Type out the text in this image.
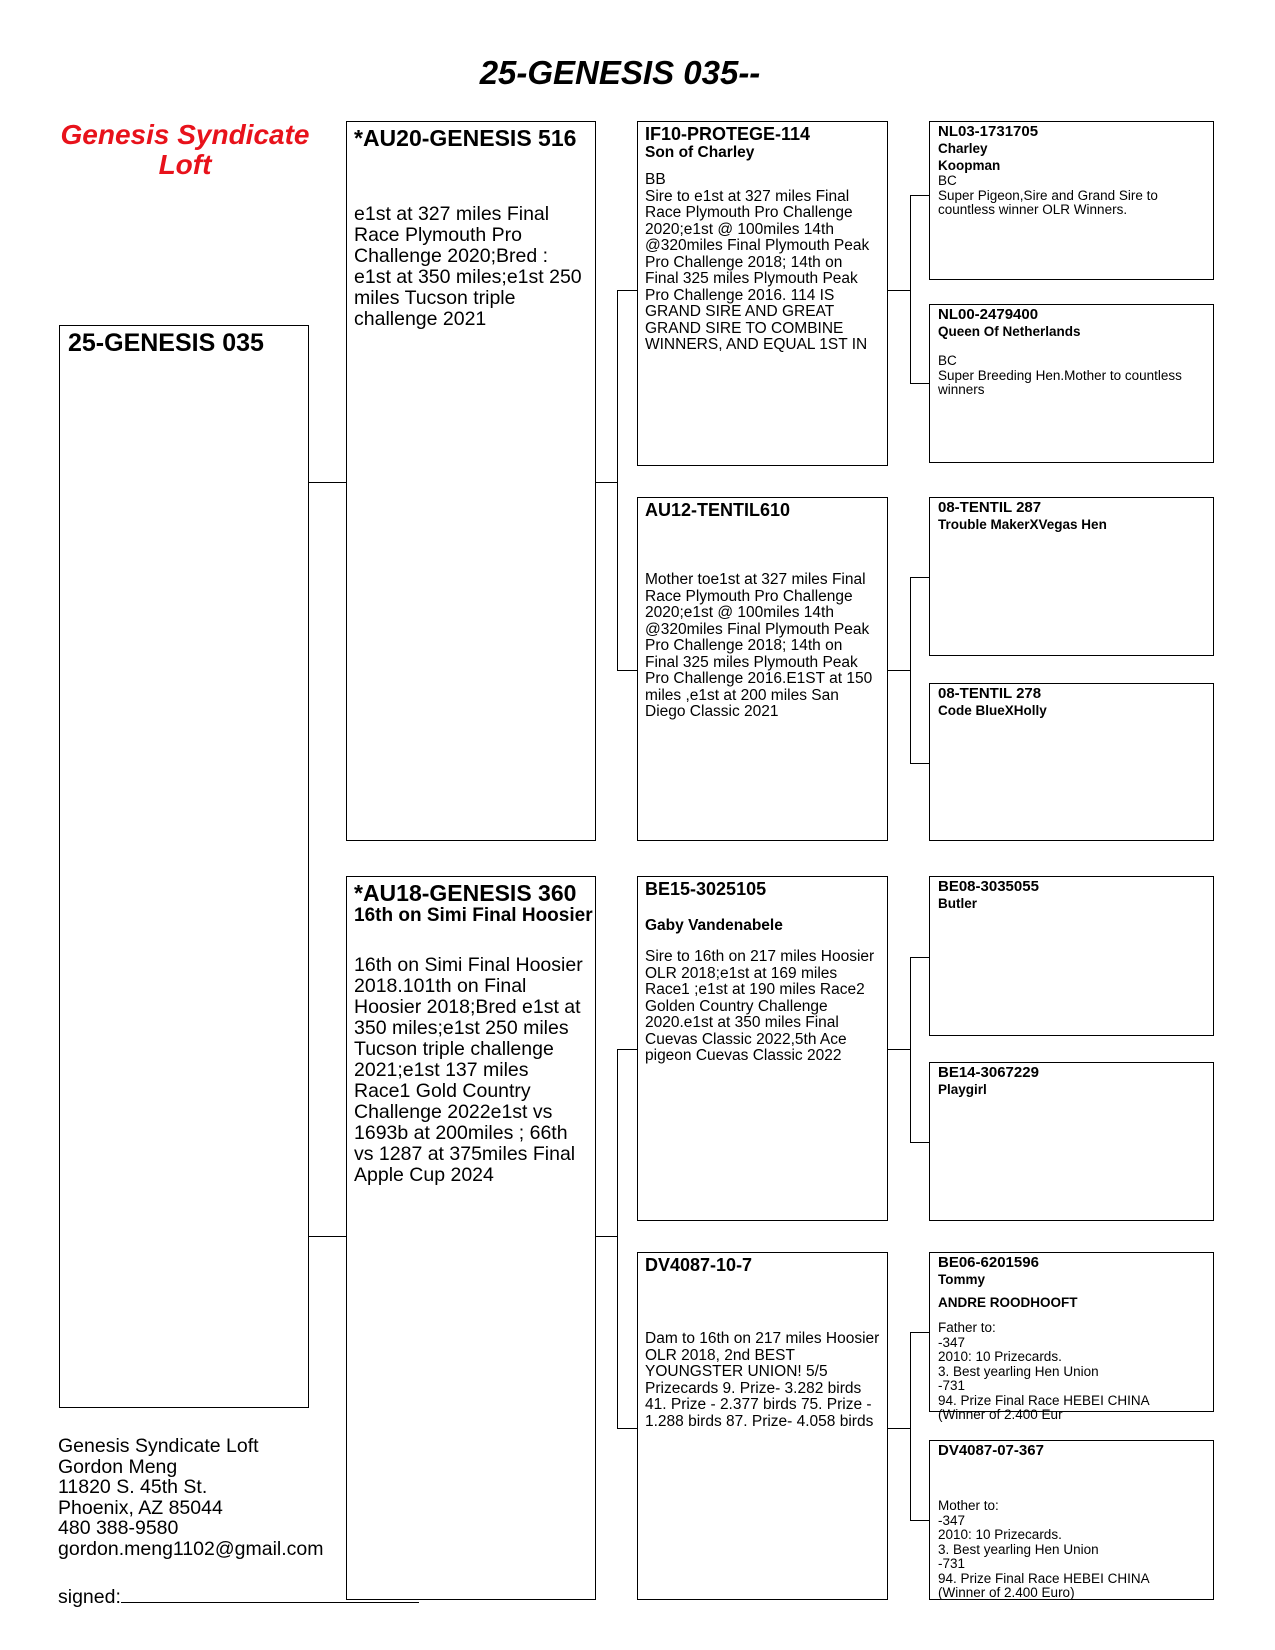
25-GENESIS 035--
Genesis Syndicate Loft
25-GENESIS 035
*AU20-GENESIS 516
e1st at 327 miles Final Race Plymouth Pro Challenge 2020;Bred : e1st at 350 miles;e1st 250 miles Tucson triple challenge 2021
*AU18-GENESIS 360
16th on Simi Final Hoosier
16th on Simi Final Hoosier 2018.101th on Final Hoosier 2018;Bred e1st at 350 miles;e1st 250 miles Tucson triple challenge 2021;e1st 137 miles Race1 Gold Country Challenge 2022e1st vs 1693b at 200miles ; 66th vs 1287 at 375miles Final Apple Cup 2024
IF10-PROTEGE-114
Son of Charley
BB
Sire to e1st at 327 miles Final Race Plymouth Pro Challenge 2020;e1st @ 100miles 14th @320miles Final Plymouth Peak Pro Challenge 2018; 14th on Final 325 miles Plymouth Peak Pro Challenge 2016. 114 IS GRAND SIRE AND GREAT GRAND SIRE TO COMBINE WINNERS, AND EQUAL 1ST IN
AU12-TENTIL610
Mother toe1st at 327 miles Final Race Plymouth Pro Challenge 2020;e1st @ 100miles 14th @320miles Final Plymouth Peak Pro Challenge 2018; 14th on Final 325 miles Plymouth Peak Pro Challenge 2016.E1ST at 150 miles ,e1st at 200 miles San Diego Classic 2021
BE15-3025105
Gaby Vandenabele
Sire to 16th on 217 miles Hoosier OLR 2018;e1st at 169 miles Race1 ;e1st at 190 miles Race2 Golden Country Challenge 2020.e1st at 350 miles Final Cuevas Classic 2022,5th Ace pigeon Cuevas Classic 2022
DV4087-10-7
Dam to 16th on 217 miles Hoosier OLR 2018, 2nd BEST YOUNGSTER UNION! 5/5 Prizecards 9. Prize- 3.282 birds 41. Prize - 2.377 birds 75. Prize - 1.288 birds 87. Prize- 4.058 birds
NL03-1731705
Charley
Koopman
BC
Super Pigeon,Sire and Grand Sire to countless winner OLR Winners.
NL00-2479400
Queen Of Netherlands
BC
Super Breeding Hen.Mother to countless winners
08-TENTIL 287
Trouble MakerXVegas Hen
08-TENTIL 278
Code BlueXHolly
BE08-3035055
Butler
BE14-3067229
Playgirl
BE06-6201596
Tommy
ANDRE ROODHOOFT
Father to:
-347
2010: 10 Prizecards.
3. Best yearling Hen Union
-731
94. Prize Final Race HEBEI CHINA
(Winner of 2.400 Eur
DV4087-07-367
Mother to:
-347
2010: 10 Prizecards.
3. Best yearling Hen Union
-731
94. Prize Final Race HEBEI CHINA
(Winner of 2.400 Euro)
Genesis Syndicate Loft
Gordon Meng
11820 S. 45th St.
Phoenix, AZ 85044
480 388-9580
gordon.meng1102@gmail.com
signed:
